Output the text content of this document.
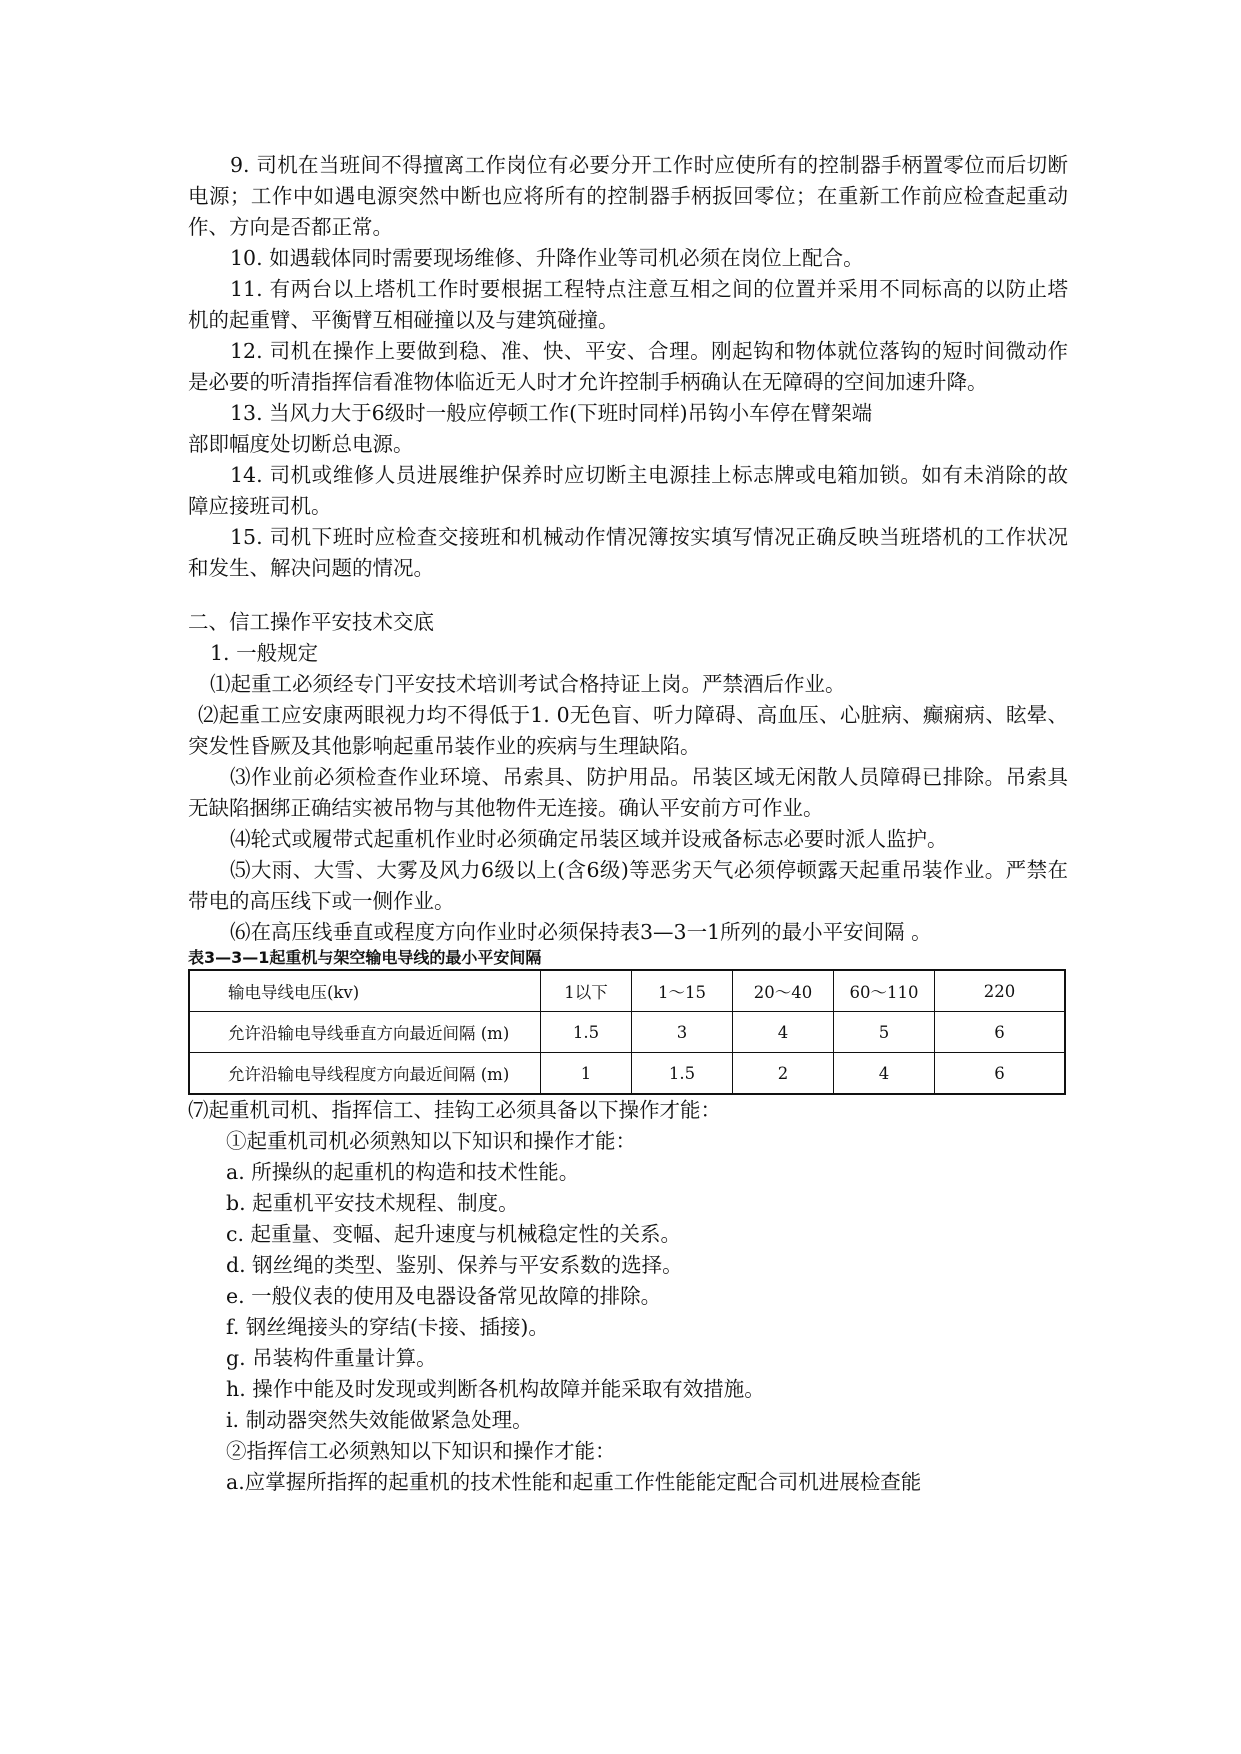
9. 司机在当班间不得擅离工作岗位有必要分开工作时应使所有的控制器手柄置零位而后切断电源；工作中如遇电源突然中断也应将所有的控制器手柄扳回零位；在重新工作前应检查起重动作、方向是否都正常。

10. 如遇载体同时需要现场维修、升降作业等司机必须在岗位上配合。

11. 有两台以上塔机工作时要根据工程特点注意互相之间的位置并采用不同标高的以防止塔机的起重臂、平衡臂互相碰撞以及与建筑碰撞。

12. 司机在操作上要做到稳、准、快、平安、合理。刚起钩和物体就位落钩的短时间微动作是必要的听清指挥信看准物体临近无人时才允许控制手柄确认在无障碍的空间加速升降。

13. 当风力大于6级时一般应停顿工作(下班时同样)吊钩小车停在臂架端

部即幅度处切断总电源。

14. 司机或维修人员进展维护保养时应切断主电源挂上标志牌或电箱加锁。如有未消除的故障应接班司机。

15. 司机下班时应检查交接班和机械动作情况簿按实填写情况正确反映当班塔机的工作状况和发生、解决问题的情况。

二、信工操作平安技术交底

1. 一般规定

⑴起重工必须经专门平安技术培训考试合格持证上岗。严禁酒后作业。

⑵起重工应安康两眼视力均不得低于1. 0无色盲、听力障碍、高血压、心脏病、癫痫病、眩晕、突发性昏厥及其他影响起重吊装作业的疾病与生理缺陷。

⑶作业前必须检查作业环境、吊索具、防护用品。吊装区域无闲散人员障碍已排除。吊索具无缺陷捆绑正确结实被吊物与其他物件无连接。确认平安前方可作业。

⑷轮式或履带式起重机作业时必须确定吊装区域并设戒备标志必要时派人监护。

⑸大雨、大雪、大雾及风力6级以上(含6级)等恶劣天气必须停顿露天起重吊装作业。严禁在带电的高压线下或一侧作业。

⑹在高压线垂直或程度方向作业时必须保持表3—3一1所列的最小平安间隔 。

表3—3—1起重机与架空输电导线的最小平安间隔

输电导线电压(kv)	1以下	1～15	20～40	60～110	220
允许沿输电导线垂直方向最近间隔 (m)	1.5	3	4	5	6
允许沿输电导线程度方向最近间隔 (m)	1	1.5	2	4	6

⑺起重机司机、指挥信工、挂钩工必须具备以下操作才能：

①起重机司机必须熟知以下知识和操作才能：

a. 所操纵的起重机的构造和技术性能。

b. 起重机平安技术规程、制度。

c. 起重量、变幅、起升速度与机械稳定性的关系。

d. 钢丝绳的类型、鉴别、保养与平安系数的选择。

e. 一般仪表的使用及电器设备常见故障的排除。

f. 钢丝绳接头的穿结(卡接、插接)。

g. 吊装构件重量计算。

h. 操作中能及时发现或判断各机构故障并能采取有效措施。

i. 制动器突然失效能做紧急处理。

②指挥信工必须熟知以下知识和操作才能：

a.应掌握所指挥的起重机的技术性能和起重工作性能能定配合司机进展检查能
